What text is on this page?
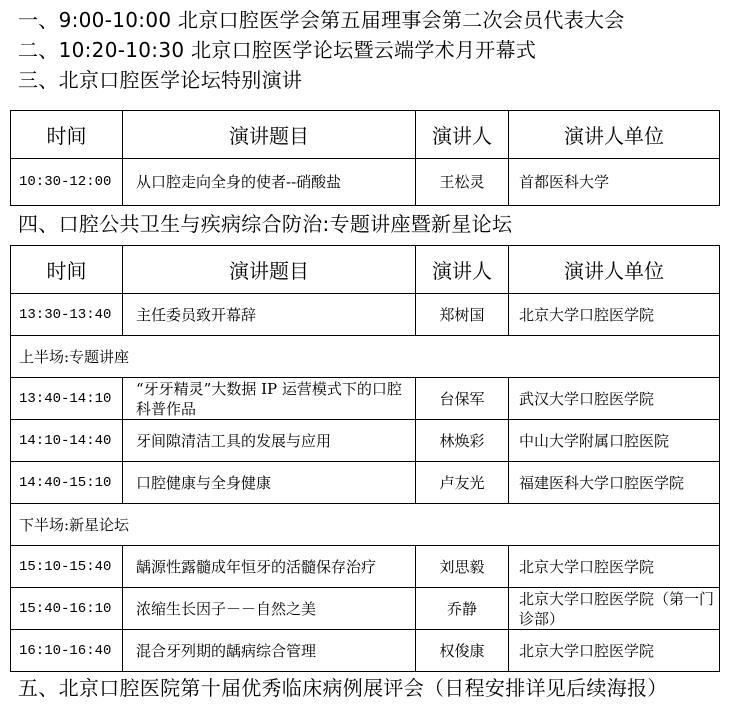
一、9:00-10:00 北京口腔医学会第五届理事会第二次会员代表大会
二、10:20-10:30 北京口腔医学论坛暨云端学术月开幕式
三、北京口腔医学论坛特别演讲
时间	演讲题目	演讲人	演讲人单位
10:30-12:00	从口腔走向全身的使者--硝酸盐	王松灵	首都医科大学
四、口腔公共卫生与疾病综合防治:专题讲座暨新星论坛
时间	演讲题目	演讲人	演讲人单位
13:30-13:40	主任委员致开幕辞	郑树国	北京大学口腔医学院
上半场:专题讲座			
13:40-14:10	“牙牙精灵”大数据 IP 运营模式下的口腔科普作品	台保军	武汉大学口腔医学院
14:10-14:40	牙间隙清洁工具的发展与应用	林焕彩	中山大学附属口腔医院
14:40-15:10	口腔健康与全身健康	卢友光	福建医科大学口腔医学院
下半场:新星论坛			
15:10-15:40	龋源性露髓成年恒牙的活髓保存治疗	刘思毅	北京大学口腔医学院
15:40-16:10	浓缩生长因子－－自然之美	乔静	北京大学口腔医学院（第一门诊部）
16:10-16:40	混合牙列期的龋病综合管理	权俊康	北京大学口腔医学院
五、北京口腔医院第十届优秀临床病例展评会（日程安排详见后续海报）
